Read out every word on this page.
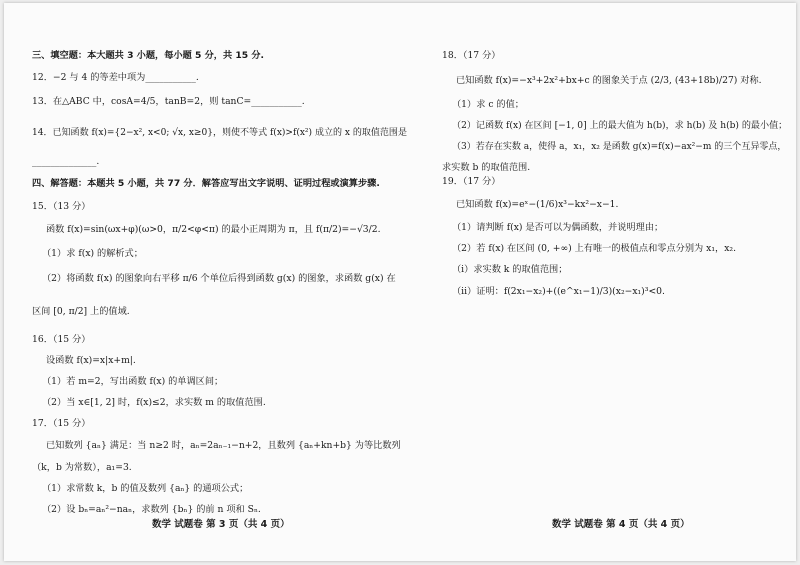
三、填空题：本大题共 3 小题，每小题 5 分，共 15 分.
12．−2 与 4 的等差中项为___________.
13．在△ABC 中，cosA=4/5，tanB=2，则 tanC=___________.
14．已知函数 f(x)={2−x², x<0; √x, x≥0}，则使不等式 f(x)>f(x²) 成立的 x 的取值范围是
______________.
四、解答题：本题共 5 小题，共 77 分．解答应写出文字说明、证明过程或演算步骤.
15．（13 分）
函数 f(x)=sin(ωx+φ)(ω>0，π/2<φ<π) 的最小正周期为 π，且 f(π/2)=−√3/2.
（1）求 f(x) 的解析式；
（2）将函数 f(x) 的图象向右平移 π/6 个单位后得到函数 g(x) 的图象，求函数 g(x) 在
区间 [0, π/2] 上的值域.
16．（15 分）
设函数 f(x)=x|x+m|.
（1）若 m=2，写出函数 f(x) 的单调区间；
（2）当 x∈[1, 2] 时，f(x)≤2，求实数 m 的取值范围.
17．（15 分）
已知数列 {aₙ} 满足：当 n≥2 时，aₙ=2aₙ₋₁−n+2，且数列 {aₙ+kn+b} 为等比数列
（k，b 为常数），a₁=3.
（1）求常数 k，b 的值及数列 {aₙ} 的通项公式；
（2）设 bₙ=aₙ²−naₙ，求数列 {bₙ} 的前 n 项和 Sₙ.
数学 试题卷 第 3 页（共 4 页）
18．（17 分）
已知函数 f(x)=−x³+2x²+bx+c 的图象关于点 (2/3, (43+18b)/27) 对称.
（1）求 c 的值；
（2）记函数 f(x) 在区间 [−1, 0] 上的最大值为 h(b)，求 h(b) 及 h(b) 的最小值；
（3）若存在实数 a，使得 a，x₁，x₂ 是函数 g(x)=f(x)−ax²−m 的三个互异零点，
求实数 b 的取值范围.
19．（17 分）
已知函数 f(x)=eˣ−(1/6)x³−kx²−x−1.
（1）请判断 f(x) 是否可以为偶函数，并说明理由；
（2）若 f(x) 在区间 (0, +∞) 上有唯一的极值点和零点分别为 x₁，x₂.
（i）求实数 k 的取值范围；
（ii）证明：f(2x₁−x₂)+((e^x₁−1)/3)(x₂−x₁)³<0.
数学 试题卷 第 4 页（共 4 页）
